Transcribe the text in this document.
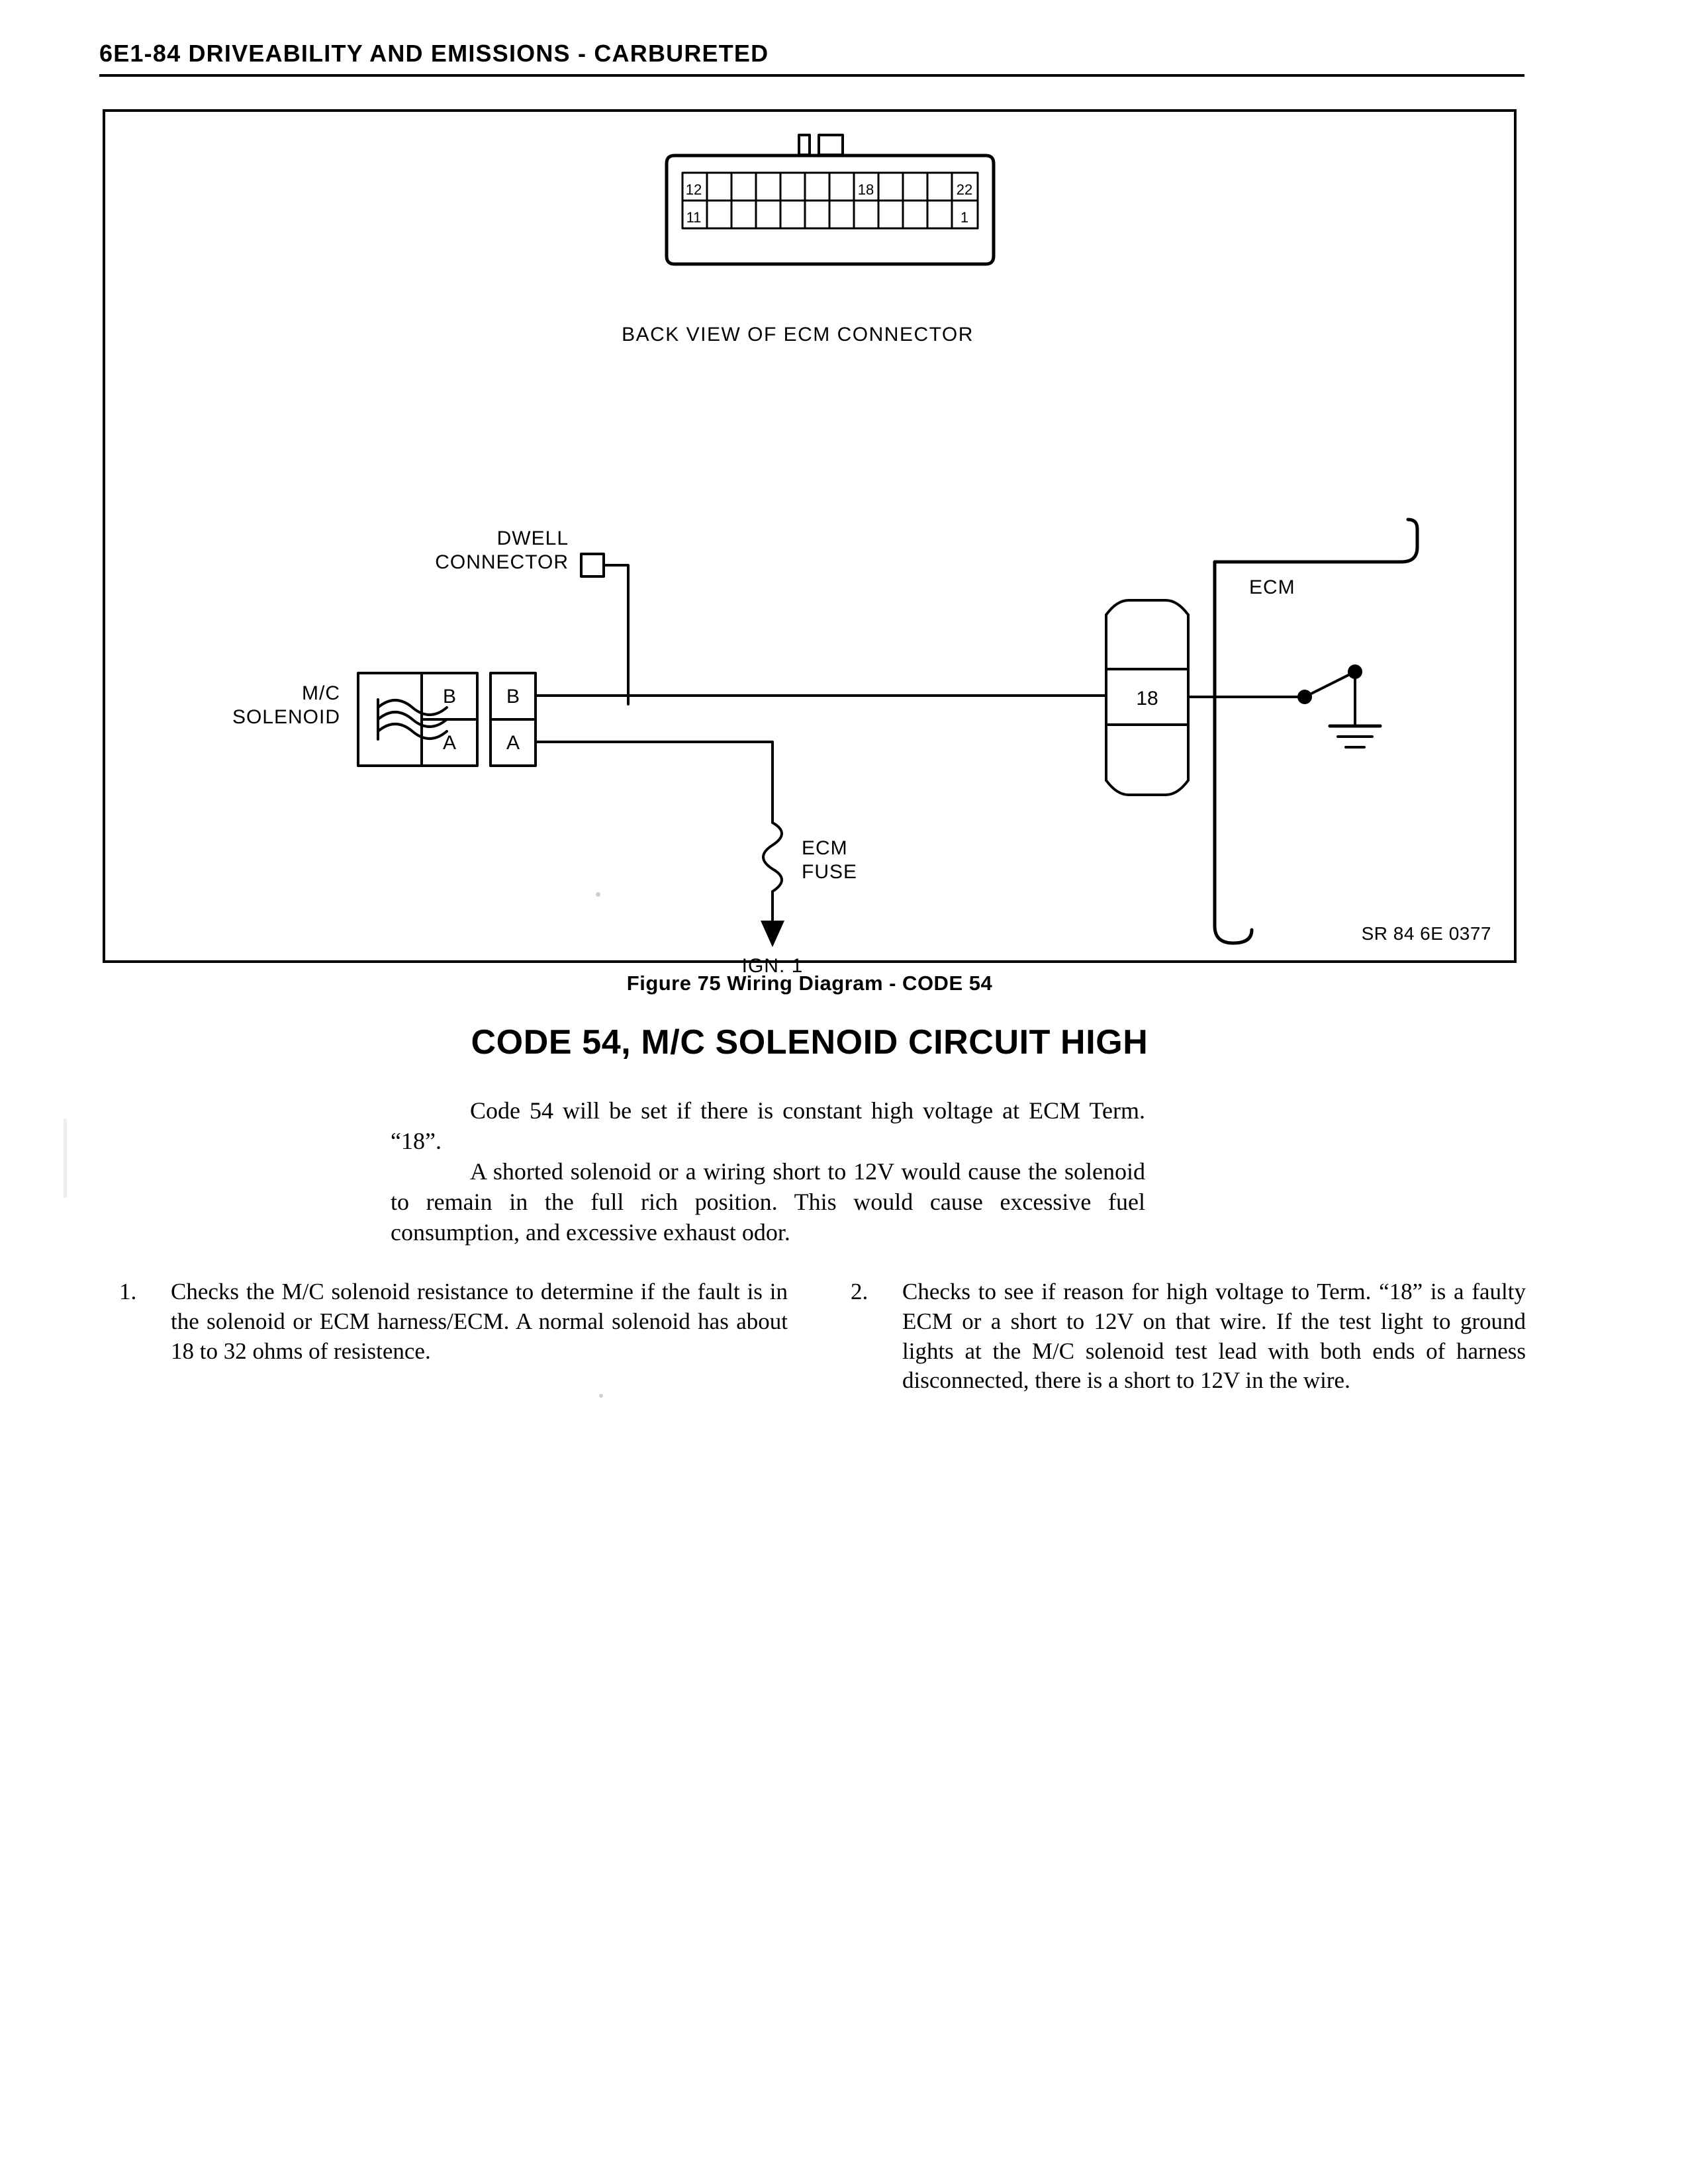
6E1-84 DRIVEABILITY AND EMISSIONS - CARBURETED
BACK VIEW OF ECM CONNECTOR
12	18	22
11	1
DWELL
CONNECTOR
M/C
SOLENOID
B
A
B
A
18
ECM
ECM
FUSE
IGN. 1
SR 84 6E 0377
Figure 75 Wiring Diagram - CODE 54
CODE 54, M/C SOLENOID CIRCUIT HIGH

Code 54 will be set if there is constant high voltage at ECM Term. “18”.

A shorted solenoid or a wiring short to 12V would cause the solenoid to remain in the full rich position. This would cause excessive fuel consumption, and excessive exhaust odor.

1.	Checks the M/C solenoid resistance to determine if the fault is in the solenoid or ECM harness/ECM. A normal solenoid has about 18 to 32 ohms of resistence.
2.	Checks to see if reason for high voltage to Term. “18” is a faulty ECM or a short to 12V on that wire. If the test light to ground lights at the M/C solenoid test lead with both ends of harness disconnected, there is a short to 12V in the wire.
